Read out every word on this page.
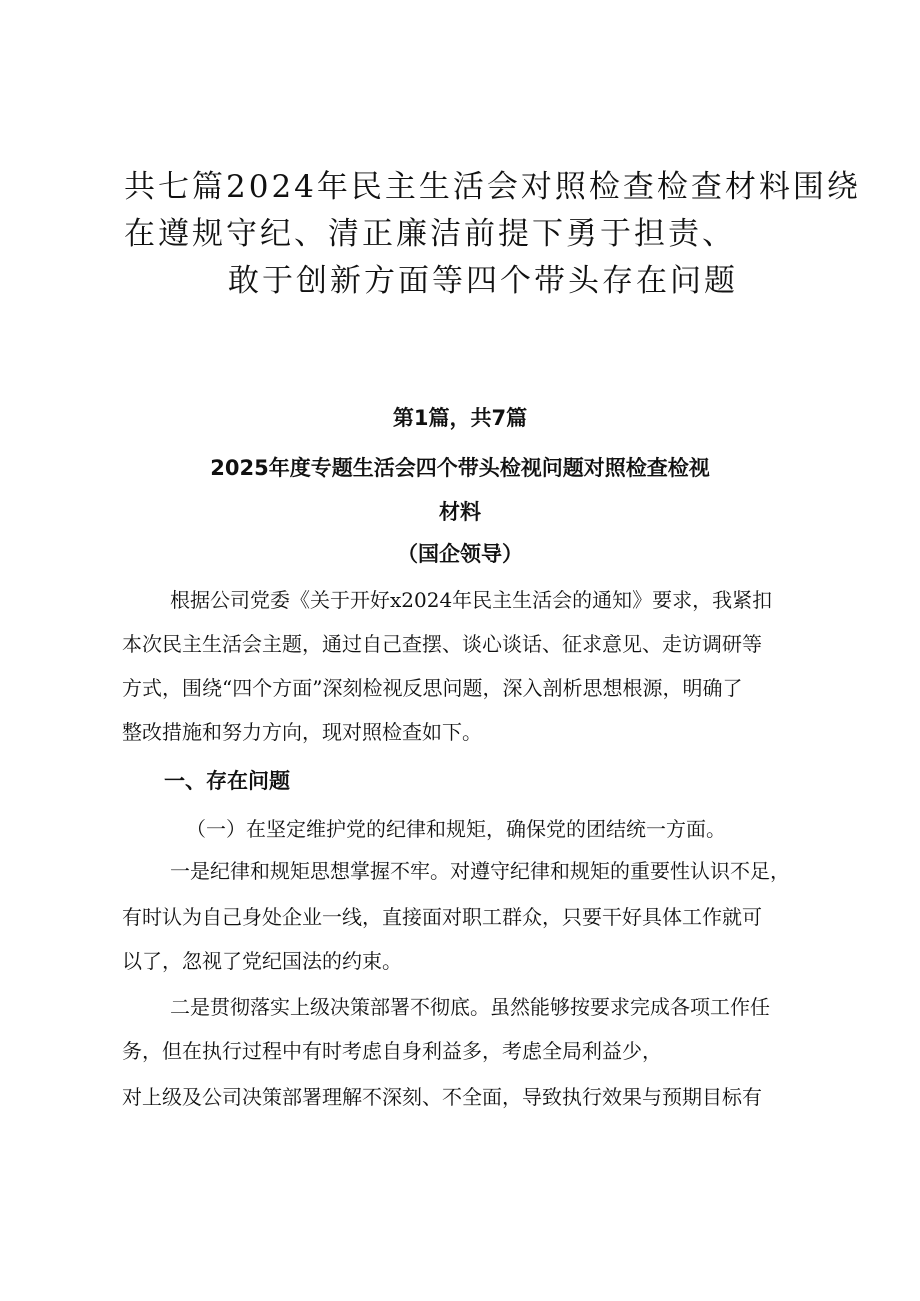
共七篇2024年民主生活会对照检查检查材料围绕
在遵规守纪、清正廉洁前提下勇于担责、
敢于创新方面等四个带头存在问题
第1篇，共7篇
2025年度专题生活会四个带头检视问题对照检查检视
材料
（国企领导）
根据公司党委《关于开好x2024年民主生活会的通知》要求，我紧扣
本次民主生活会主题，通过自己查摆、谈心谈话、征求意见、走访调研等
方式，围绕“四个方面”深刻检视反思问题，深入剖析思想根源，明确了
整改措施和努力方向，现对照检查如下。
一、存在问题
（一）在坚定维护党的纪律和规矩，确保党的团结统一方面。
一是纪律和规矩思想掌握不牢。对遵守纪律和规矩的重要性认识不足，
有时认为自己身处企业一线，直接面对职工群众，只要干好具体工作就可
以了，忽视了党纪国法的约束。
二是贯彻落实上级决策部署不彻底。虽然能够按要求完成各项工作任
务，但在执行过程中有时考虑自身利益多，考虑全局利益少，
对上级及公司决策部署理解不深刻、不全面，导致执行效果与预期目标有
